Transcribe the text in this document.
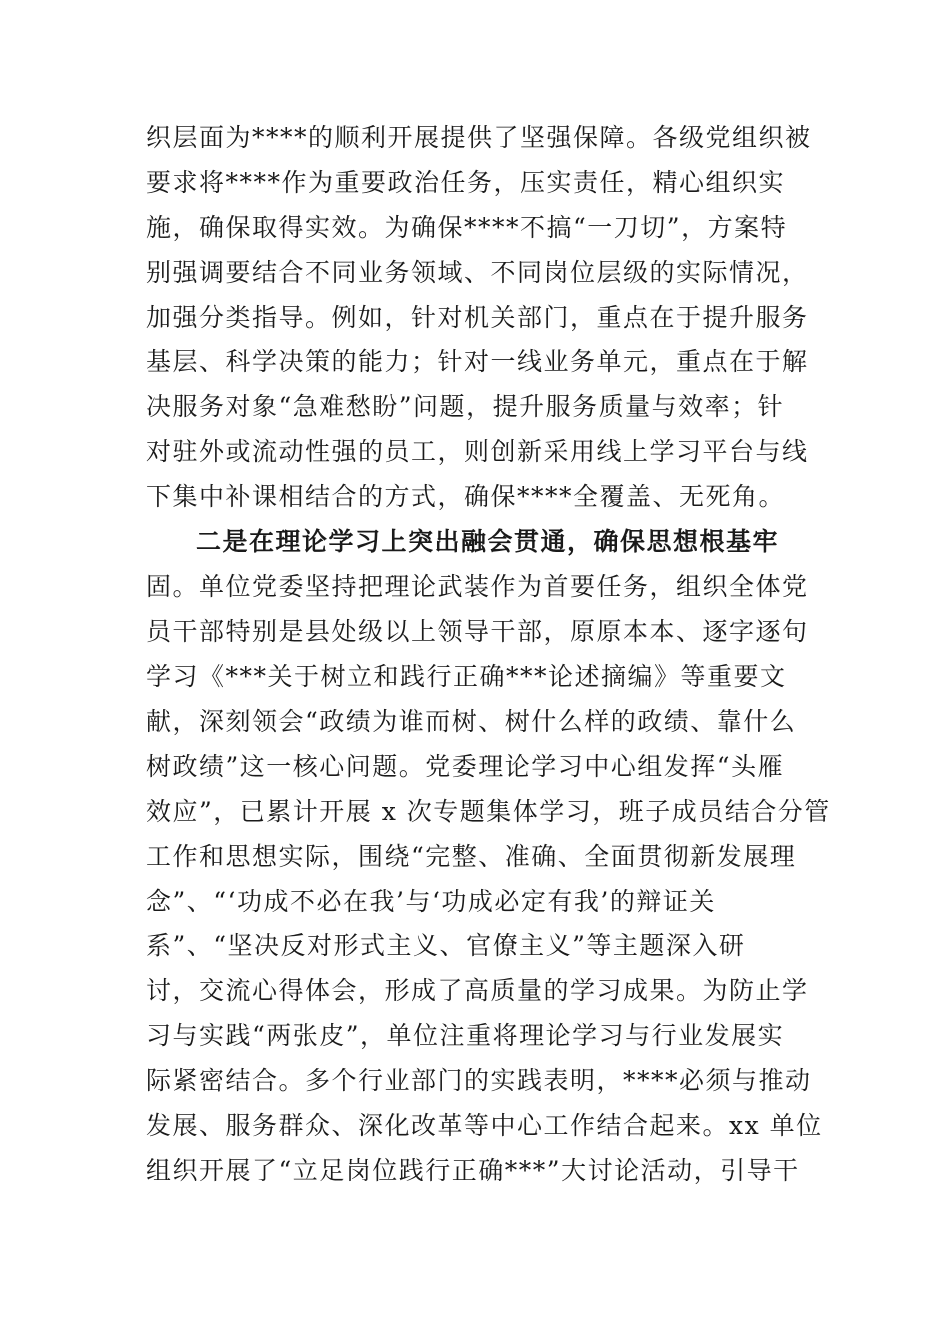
织层面为****的顺利开展提供了坚强保障。各级党组织被
要求将****作为重要政治任务，压实责任，精心组织实
施，确保取得实效。为确保****不搞“一刀切”，方案特
别强调要结合不同业务领域、不同岗位层级的实际情况，
加强分类指导。例如，针对机关部门，重点在于提升服务
基层、科学决策的能力；针对一线业务单元，重点在于解
决服务对象“急难愁盼”问题，提升服务质量与效率；针
对驻外或流动性强的员工，则创新采用线上学习平台与线
下集中补课相结合的方式，确保****全覆盖、无死角。
二是在理论学习上突出融会贯通，确保思想根基牢
固。单位党委坚持把理论武装作为首要任务，组织全体党
员干部特别是县处级以上领导干部，原原本本、逐字逐句
学习《***关于树立和践行正确***论述摘编》等重要文
献，深刻领会“政绩为谁而树、树什么样的政绩、靠什么
树政绩”这一核心问题。党委理论学习中心组发挥“头雁
效应”，已累计开展 x 次专题集体学习，班子成员结合分管
工作和思想实际，围绕“完整、准确、全面贯彻新发展理
念”、“‘功成不必在我’与‘功成必定有我’的辩证关
系”、“坚决反对形式主义、官僚主义”等主题深入研
讨，交流心得体会，形成了高质量的学习成果。为防止学
习与实践“两张皮”，单位注重将理论学习与行业发展实
际紧密结合。多个行业部门的实践表明，****必须与推动
发展、服务群众、深化改革等中心工作结合起来。xx 单位
组织开展了“立足岗位践行正确***”大讨论活动，引导干
